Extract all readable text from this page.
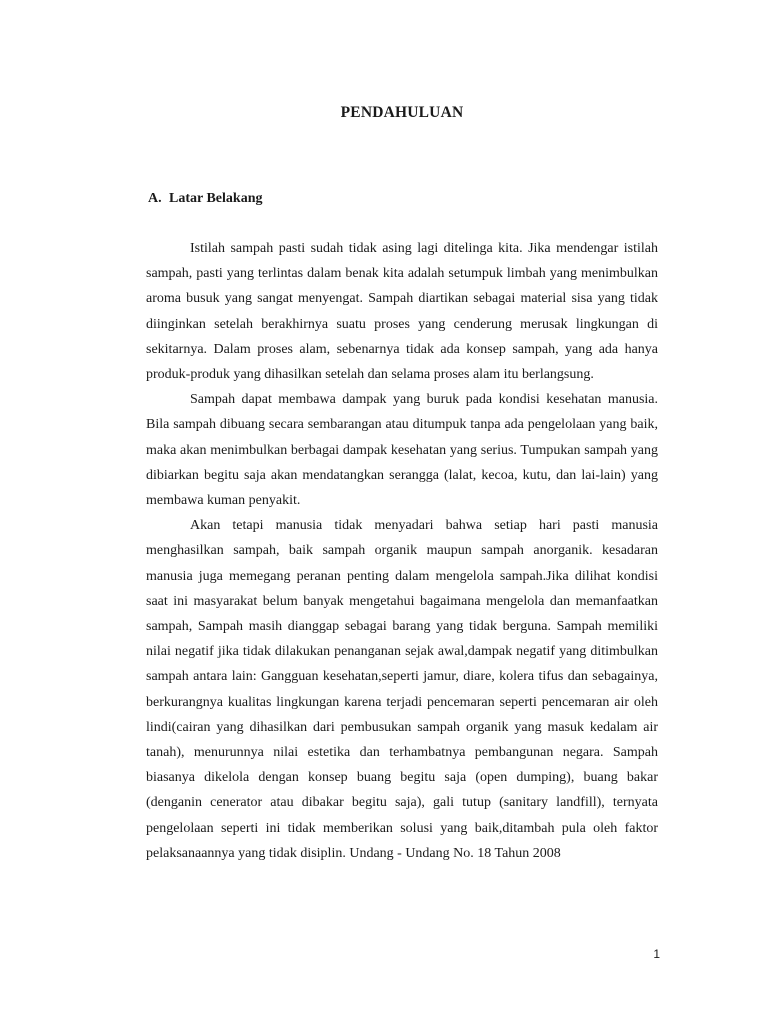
PENDAHULUAN
A. Latar Belakang

Istilah sampah pasti sudah tidak asing lagi ditelinga kita. Jika mendengar istilah sampah, pasti yang terlintas dalam benak kita adalah setumpuk limbah yang menimbulkan aroma busuk yang sangat menyengat. Sampah diartikan sebagai material sisa yang tidak diinginkan setelah berakhirnya suatu proses yang cenderung merusak lingkungan di sekitarnya. Dalam proses alam, sebenarnya tidak ada konsep sampah, yang ada hanya produk-produk yang dihasilkan setelah dan selama proses alam itu berlangsung.

Sampah dapat membawa dampak yang buruk pada kondisi kesehatan manusia. Bila sampah dibuang secara sembarangan atau ditumpuk tanpa ada pengelolaan yang baik, maka akan menimbulkan berbagai dampak kesehatan yang serius. Tumpukan sampah yang dibiarkan begitu saja akan mendatangkan serangga (lalat, kecoa, kutu, dan lai-lain) yang membawa kuman penyakit.

Akan tetapi manusia tidak menyadari bahwa setiap hari pasti manusia menghasilkan sampah, baik sampah organik maupun sampah anorganik. kesadaran manusia juga memegang peranan penting dalam mengelola sampah.Jika dilihat kondisi saat ini masyarakat belum banyak mengetahui bagaimana mengelola dan memanfaatkan sampah, Sampah masih dianggap sebagai barang yang tidak berguna. Sampah memiliki nilai negatif jika tidak dilakukan penanganan sejak awal,dampak negatif yang ditimbulkan sampah antara lain: Gangguan kesehatan,seperti jamur, diare, kolera tifus dan sebagainya, berkurangnya kualitas lingkungan karena terjadi pencemaran seperti pencemaran air oleh lindi(cairan yang dihasilkan dari pembusukan sampah organik yang masuk kedalam air tanah), menurunnya nilai estetika dan terhambatnya pembangunan negara. Sampah biasanya dikelola dengan konsep buang begitu saja (open dumping), buang bakar (denganin cenerator atau dibakar begitu saja), gali tutup (sanitary landfill), ternyata pengelolaan seperti ini tidak memberikan solusi yang baik,ditambah pula oleh faktor pelaksanaannya yang tidak disiplin. Undang - Undang No. 18 Tahun 2008

1
